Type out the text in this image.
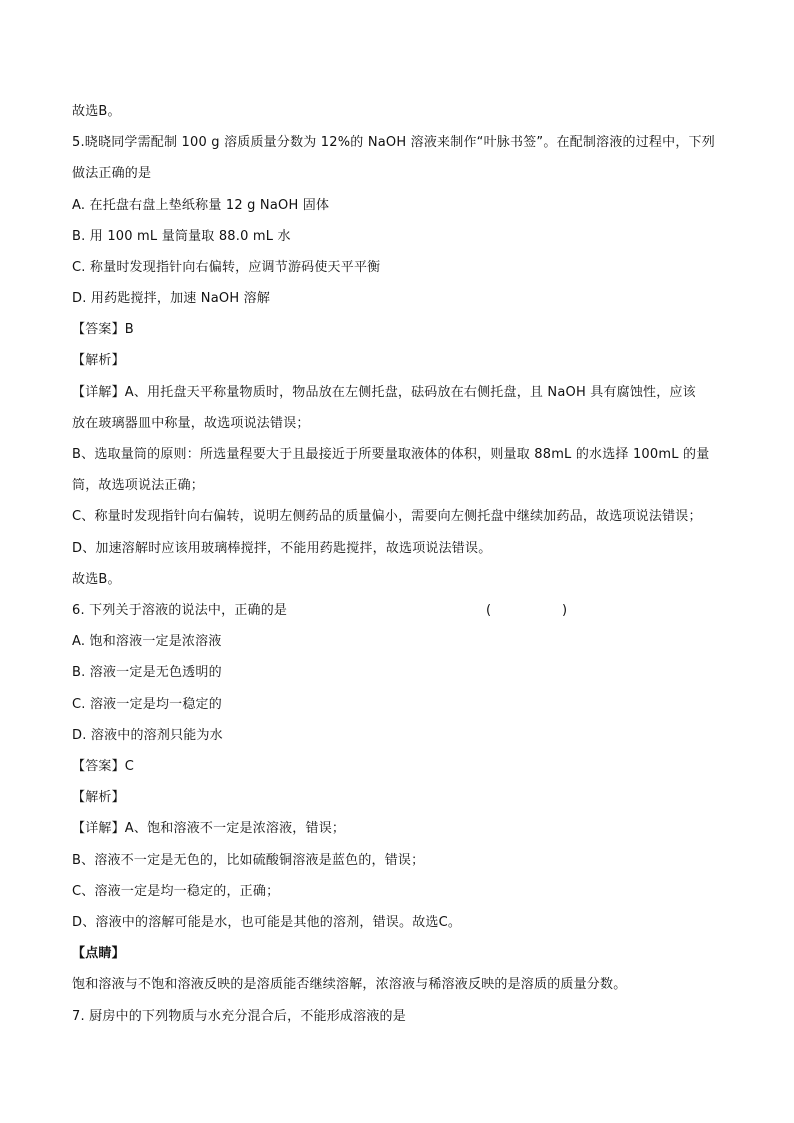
故选B。
5.晓晓同学需配制 100 g 溶质质量分数为 12%的 NaOH 溶液来制作“叶脉书签”。在配制溶液的过程中，下列
做法正确的是
A. 在托盘右盘上垫纸称量 12 g NaOH 固体
B. 用 100 mL 量筒量取 88.0 mL 水
C. 称量时发现指针向右偏转，应调节游码使天平平衡
D. 用药匙搅拌，加速 NaOH 溶解
【答案】B
【解析】
【详解】A、用托盘天平称量物质时，物品放在左侧托盘，砝码放在右侧托盘，且 NaOH 具有腐蚀性，应该
放在玻璃器皿中称量，故选项说法错误；
B、选取量筒的原则：所选量程要大于且最接近于所要量取液体的体积，则量取 88mL 的水选择 100mL 的量
筒，故选项说法正确；
C、称量时发现指针向右偏转，说明左侧药品的质量偏小，需要向左侧托盘中继续加药品，故选项说法错误；
D、加速溶解时应该用玻璃棒搅拌，不能用药匙搅拌，故选项说法错误。
故选B。
6. 下列关于溶液的说法中，正确的是	(	)
A. 饱和溶液一定是浓溶液
B. 溶液一定是无色透明的
C. 溶液一定是均一稳定的
D. 溶液中的溶剂只能为水
【答案】C
【解析】
【详解】A、饱和溶液不一定是浓溶液，错误；
B、溶液不一定是无色的，比如硫酸铜溶液是蓝色的，错误；
C、溶液一定是均一稳定的，正确；
D、溶液中的溶解可能是水，也可能是其他的溶剂，错误。故选C。
【点睛】
饱和溶液与不饱和溶液反映的是溶质能否继续溶解，浓溶液与稀溶液反映的是溶质的质量分数。
7. 厨房中的下列物质与水充分混合后，不能形成溶液的是
